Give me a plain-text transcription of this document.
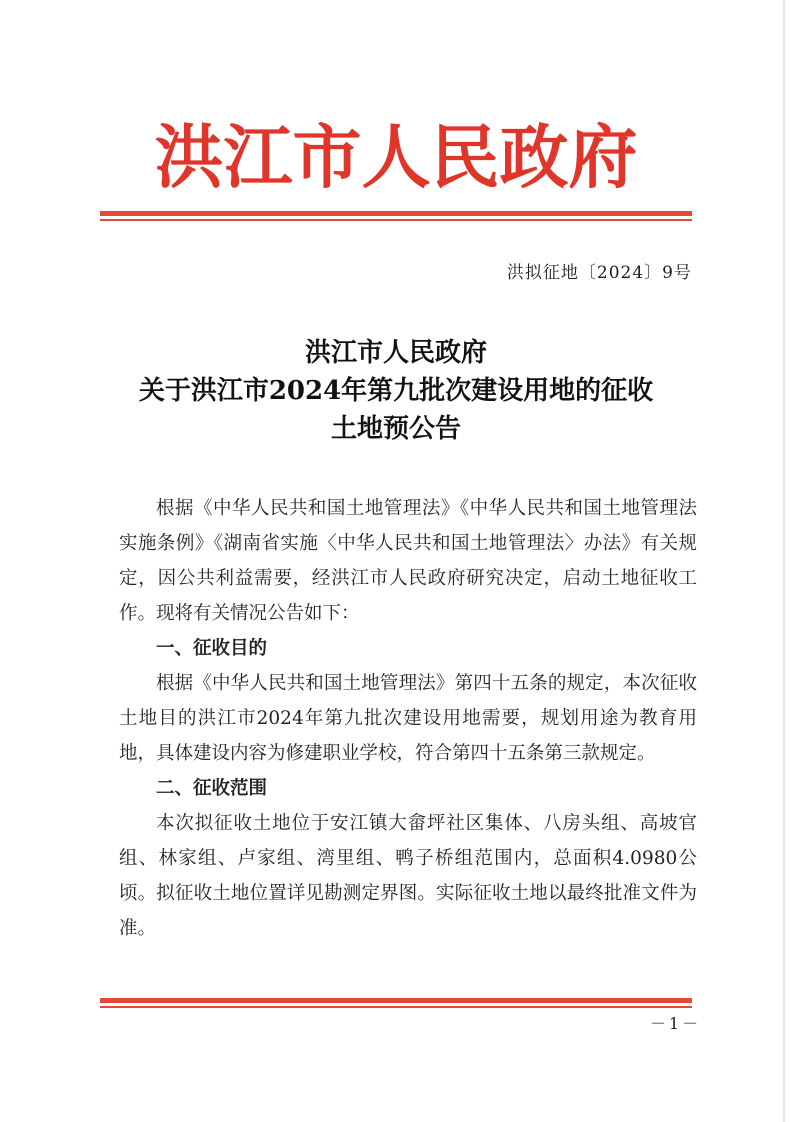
洪江市人民政府
洪拟征地〔2024〕9号
洪江市人民政府
关于洪江市2024年第九批次建设用地的征收
土地预公告

根据《中华人民共和国土地管理法》《中华人民共和国土地管理法实施条例》《湖南省实施〈中华人民共和国土地管理法〉办法》有关规定，因公共利益需要，经洪江市人民政府研究决定，启动土地征收工作。现将有关情况公告如下：

一、征收目的

根据《中华人民共和国土地管理法》第四十五条的规定，本次征收土地目的洪江市2024年第九批次建设用地需要，规划用途为教育用地，具体建设内容为修建职业学校，符合第四十五条第三款规定。

二、征收范围

本次拟征收土地位于安江镇大畲坪社区集体、八房头组、高坡官组、林家组、卢家组、湾里组、鸭子桥组范围内，总面积4.0980公顷。拟征收土地位置详见勘测定界图。实际征收土地以最终批准文件为准。

－1－
